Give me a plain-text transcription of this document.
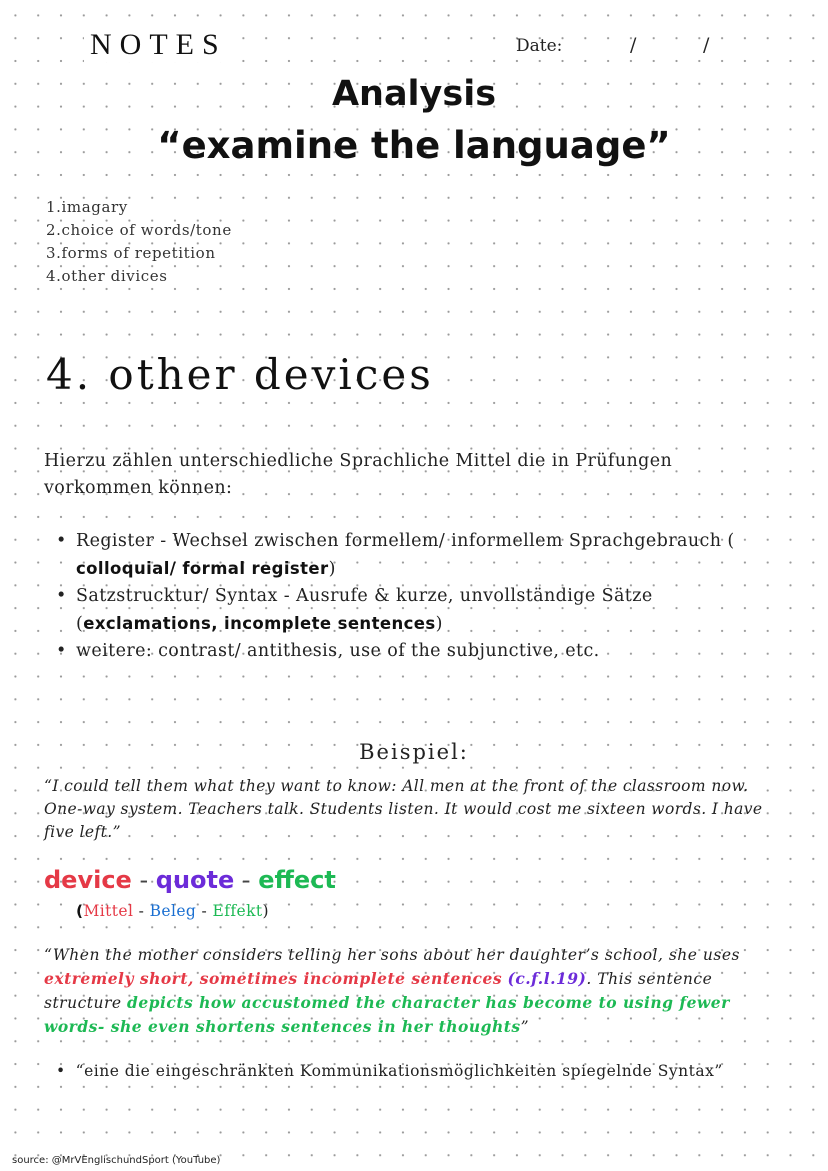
NOTES	Date:	/	/
Analysis
“examine the language”
1.imagary
2.choice of words/tone
3.forms of repetition
4.other divices
4. other devices
Hierzu zählen unterschiedliche Sprachliche Mittel die in Prüfungen vorkommen können:
• Register - Wechsel zwischen formellem/ informellem Sprachgebrauch ( colloquial/ formal register)
• Satzstrucktur/ Syntax - Ausrufe & kurze, unvollständige Sätze (exclamations, incomplete sentences)
• weitere: contrast/ antithesis, use of the subjunctive, etc.
Beispiel:
“I could tell them what they want to know: All men at the front of the classroom now. One-way system. Teachers talk. Students listen. It would cost me sixteen words. I have five left.”
device - quote - effect
(Mittel - Beleg - Effekt)
“When the mother considers telling her sons about her daughter’s school, she uses extremely short, sometimes incomplete sentences (c.f.l.19). This sentence structure depicts how accustomed the character has become to using fewer words- she even shortens sentences in her thoughts”
• “eine die eingeschränkten Kommunikationsmöglichkeiten spiegelnde Syntax”
source: @MrVEnglischundSport (YouTube)
